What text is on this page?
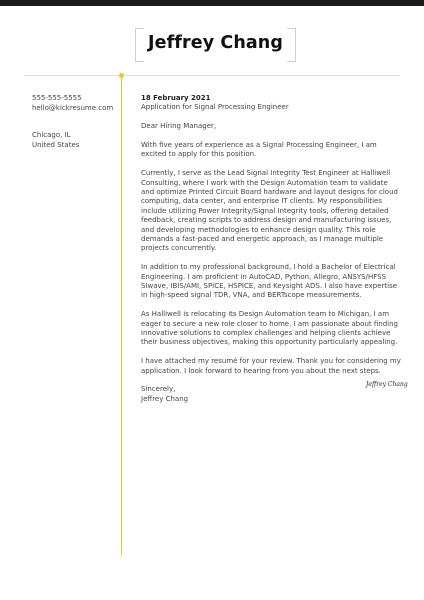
Jeffrey Chang
555-555-5555
hello@kickresume.com
Chicago, IL
United States

18 February 2021

Application for Signal Processing Engineer

Dear Hiring Manager,

With five years of experience as a Signal Processing Engineer, I am excited to apply for this position.

Currently, I serve as the Lead Signal Integrity Test Engineer at Halliwell Consulting, where I work with the Design Automation team to validate and optimize Printed Circuit Board hardware and layout designs for cloud computing, data center, and enterprise IT clients. My responsibilities include utilizing Power Integrity/Signal Integrity tools, offering detailed feedback, creating scripts to address design and manufacturing issues, and developing methodologies to enhance design quality. This role demands a fast-paced and energetic approach, as I manage multiple projects concurrently.

In addition to my professional background, I hold a Bachelor of Electrical Engineering. I am proficient in AutoCAD, Python, Allegro, ANSYS/HFSS SIwave, IBIS/AMI, SPICE, HSPICE, and Keysight ADS. I also have expertise in high-speed signal TDR, VNA, and BERTscope measurements.

As Halliwell is relocating its Design Automation team to Michigan, I am eager to secure a new role closer to home. I am passionate about finding innovative solutions to complex challenges and helping clients achieve their business objectives, making this opportunity particularly appealing.

I have attached my resumé for your review. Thank you for considering my application. I look forward to hearing from you about the next steps.

Sincerely,

Jeffrey Chang

Jeffrey Chang
